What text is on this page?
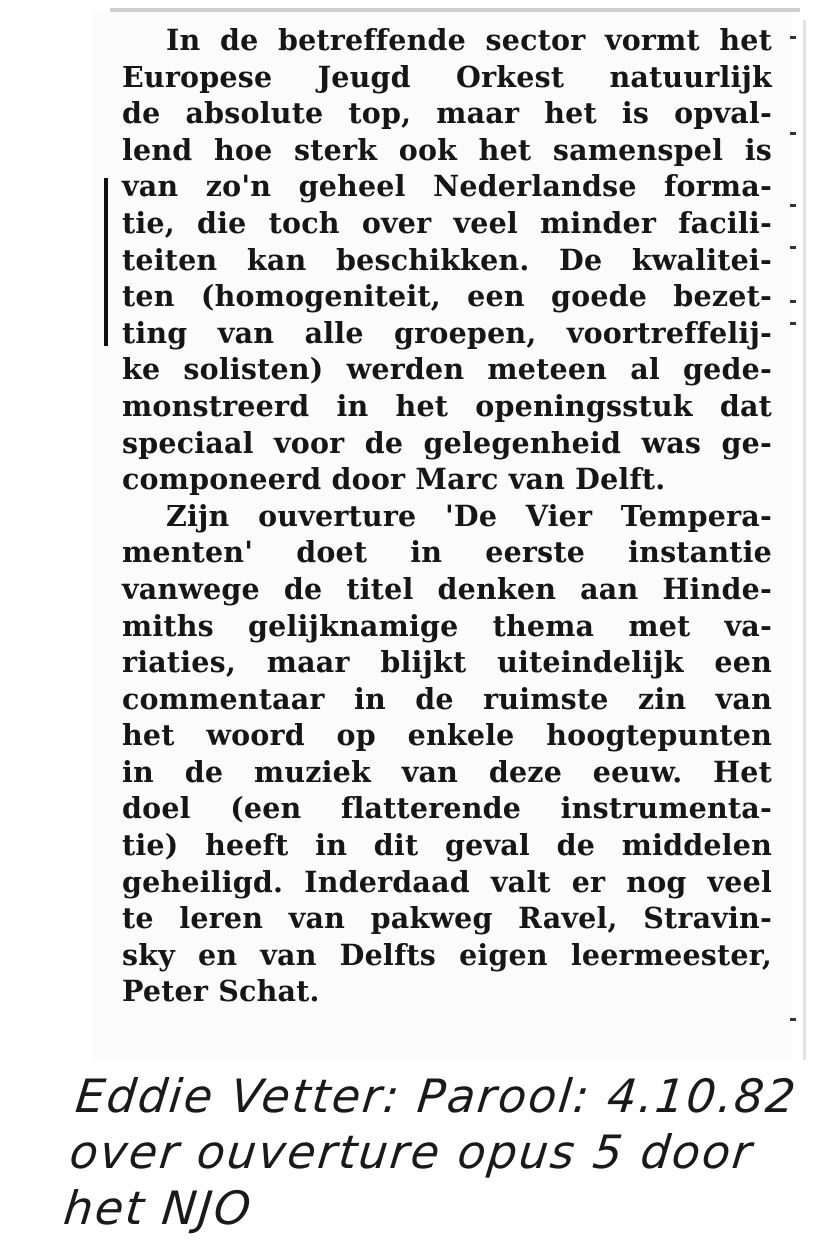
In de betreffende sector vormt het
Europese Jeugd Orkest natuurlijk
de absolute top, maar het is opval-
lend hoe sterk ook het samenspel is
van zo'n geheel Nederlandse forma-
tie, die toch over veel minder facili-
teiten kan beschikken. De kwalitei-
ten (homogeniteit, een goede bezet-
ting van alle groepen, voortreffelij-
ke solisten) werden meteen al gede-
monstreerd in het openingsstuk dat
speciaal voor de gelegenheid was ge-
componeerd door Marc van Delft.
Zijn ouverture 'De Vier Tempera-
menten' doet in eerste instantie
vanwege de titel denken aan Hinde-
miths gelijknamige thema met va-
riaties, maar blijkt uiteindelijk een
commentaar in de ruimste zin van
het woord op enkele hoogtepunten
in de muziek van deze eeuw. Het
doel (een flatterende instrumenta-
tie) heeft in dit geval de middelen
geheiligd. Inderdaad valt er nog veel
te leren van pakweg Ravel, Stravin-
sky en van Delfts eigen leermeester,
Peter Schat.
Eddie Vetter: Parool: 4.10.82
over ouverture opus 5 door
het NJO
